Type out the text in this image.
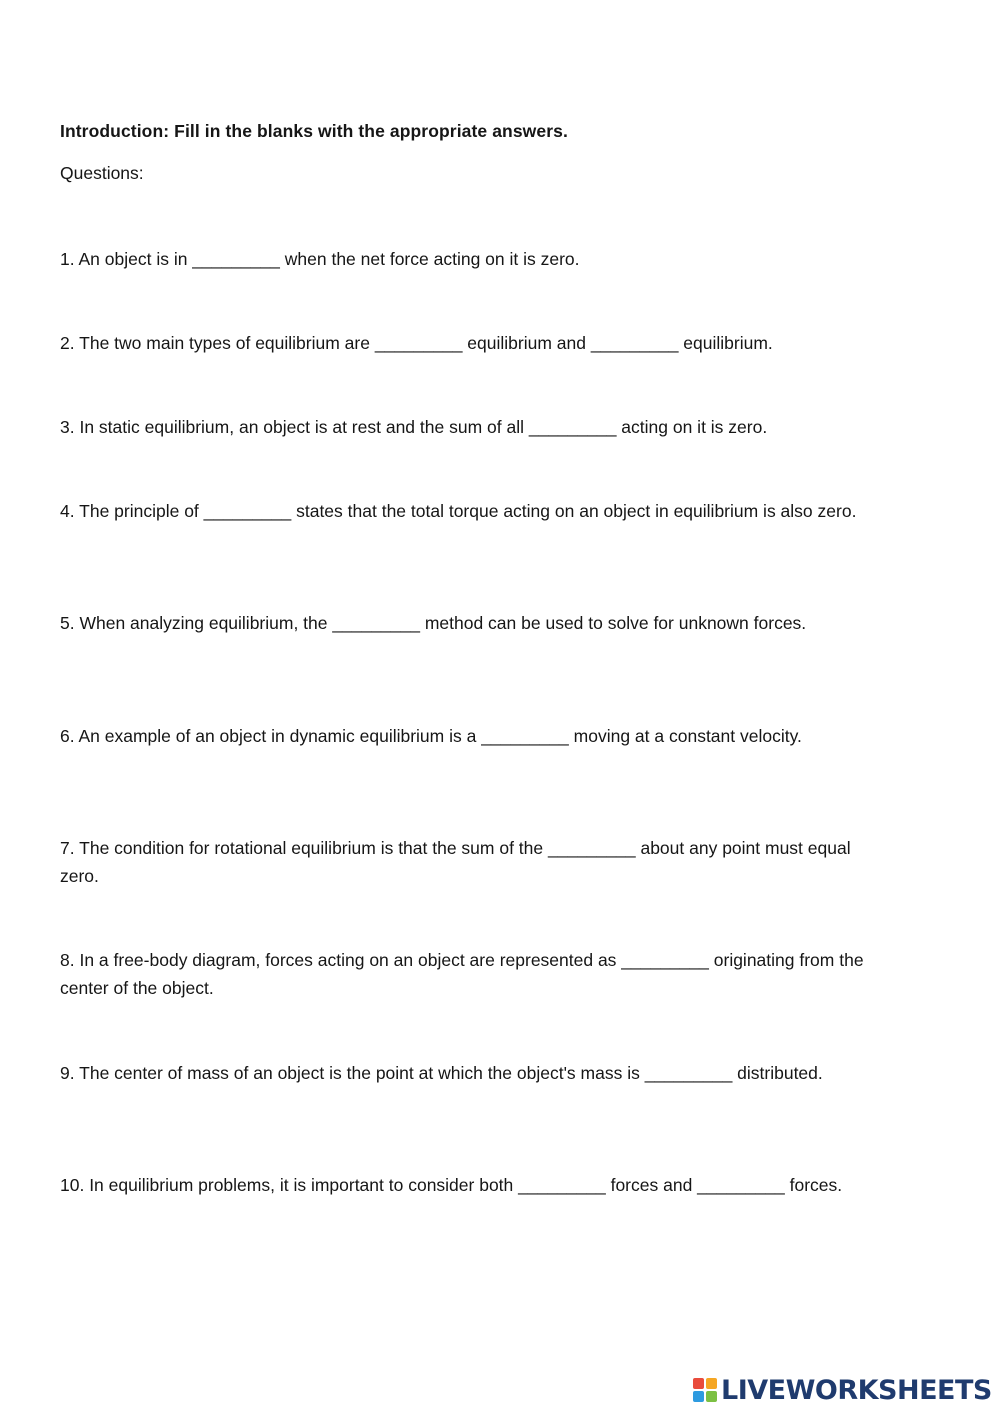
Introduction: Fill in the blanks with the appropriate answers.
Questions:
1. An object is in _________ when the net force acting on it is zero.
2. The two main types of equilibrium are _________ equilibrium and _________ equilibrium.
3. In static equilibrium, an object is at rest and the sum of all _________ acting on it is zero.
4. The principle of _________ states that the total torque acting on an object in equilibrium is also zero.
5. When analyzing equilibrium, the _________ method can be used to solve for unknown forces.
6. An example of an object in dynamic equilibrium is a _________ moving at a constant velocity.
7. The condition for rotational equilibrium is that the sum of the _________ about any point must equal zero.
8. In a free-body diagram, forces acting on an object are represented as _________ originating from the center of the object.
9. The center of mass of an object is the point at which the object's mass is _________ distributed.
10. In equilibrium problems, it is important to consider both _________ forces and _________ forces.
LIVEWORKSHEETS
